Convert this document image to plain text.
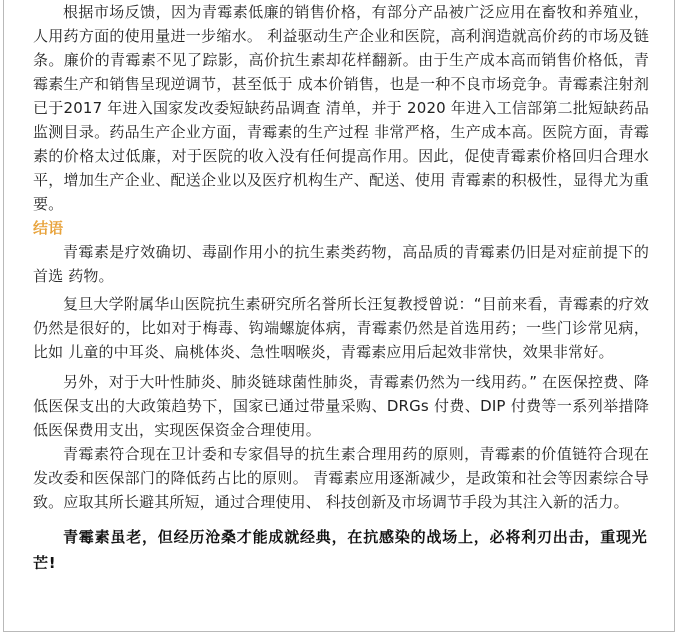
根据市场反馈，因为青霉素低廉的销售价格，有部分产品被广泛应用在畜牧和养殖业，人用药方面的使用量进一步缩水。 利益驱动生产企业和医院，高利润造就高价药的市场及链条。廉价的青霉素不见了踪影，高价抗生素却花样翻新。由于生产成本高而销售价格低，青霉素生产和销售呈现逆调节，甚至低于 成本价销售，也是一种不良市场竞争。青霉素注射剂已于2017 年进入国家发改委短缺药品调查 清单，并于 2020 年进入工信部第二批短缺药品监测目录。药品生产企业方面，青霉素的生产过程 非常严格，生产成本高。医院方面，青霉素的价格太过低廉，对于医院的收入没有任何提高作用。因此，促使青霉素价格回归合理水平，增加生产企业、配送企业以及医疗机构生产、配送、使用 青霉素的积极性，显得尤为重要。

结语

青霉素是疗效确切、毒副作用小的抗生素类药物，高品质的青霉素仍旧是对症前提下的首选 药物。

复旦大学附属华山医院抗生素研究所名誉所长汪复教授曾说：“目前来看，青霉素的疗效仍然是很好的，比如对于梅毒、钩端螺旋体病，青霉素仍然是首选用药；一些门诊常见病，比如 儿童的中耳炎、扁桃体炎、急性咽喉炎，青霉素应用后起效非常快，效果非常好。

另外，对于大叶性肺炎、肺炎链球菌性肺炎，青霉素仍然为一线用药。” 在医保控费、降低医保支出的大政策趋势下，国家已通过带量采购、DRGs 付费、DIP 付费等一系列举措降低医保费用支出，实现医保资金合理使用。

青霉素符合现在卫计委和专家倡导的抗生素合理用药的原则，青霉素的价值链符合现在发改委和医保部门的降低药占比的原则。 青霉素应用逐渐减少，是政策和社会等因素综合导致。应取其所长避其所短，通过合理使用、 科技创新及市场调节手段为其注入新的活力。

青霉素虽老，但经历沧桑才能成就经典，在抗感染的战场上，必将利刃出击，重现光芒!
